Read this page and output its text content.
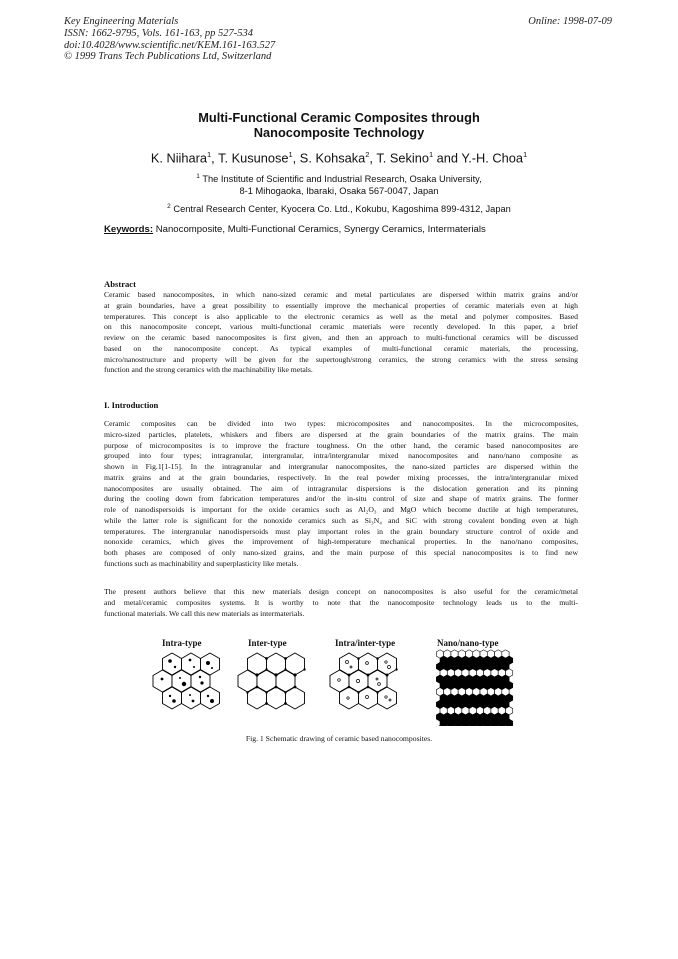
Key Engineering Materials
ISSN: 1662-9795, Vols. 161-163, pp 527-534
doi:10.4028/www.scientific.net/KEM.161-163.527
© 1999 Trans Tech Publications Ltd, Switzerland
Online: 1998-07-09
Multi-Functional Ceramic Composites through
Nanocomposite Technology
K. Niihara$^1$, T. Kusunose$^1$, S. Kohsaka$^2$, T. Sekino$^1$ and Y.-H. Choa$^1$
$^1$ The Institute of Scientific and Industrial Research, Osaka University,
8-1 Mihogaoka, Ibaraki, Osaka 567-0047, Japan
$^2$ Central Research Center, Kyocera Co. Ltd., Kokubu, Kagoshima 899-4312, Japan
Keywords: Nanocomposite, Multi-Functional Ceramics, Synergy Ceramics, Intermaterials
Abstract
Ceramic based nanocomposites, in which nano-sized ceramic and metal particulates are dispersed within matrix grains and/or
at grain boundaries, have a great possibility to essentially improve the mechanical properties of ceramic materials even at high
temperatures. This concept is also applicable to the electronic ceramics as well as the metal and polymer composites. Based
on this nanocomposite concept, various multi-functional ceramic materials were recently developed. In this paper, a brief
review on the ceramic based nanocomposites is first given, and then an approach to multi-functional ceramics will be discussed
based on the nanocomposite concept. As typical examples of multi-functional ceramic materials, the processing,
micro/nanostructure and property will be given for the supertough/strong ceramics, the strong ceramics with the stress sensing
function and the strong ceramics with the machinability like metals.
I. Introduction
Ceramic composites can be divided into two types: microcomposites and nanocomposites. In the microcomposites,
micro-sized particles, platelets, whiskers and fibers are dispersed at the grain boundaries of the matrix grains. The main
purpose of microcomposites is to improve the fracture toughness. On the other hand, the ceramic based nanocomposites are
grouped into four types; intragranular, intergranular, intra/intergranular mixed nanocomposites and nano/nano composite as
shown in Fig.1[1-15]. In the intragranular and intergranular nanocomposites, the nano-sized particles are dispersed within the
matrix grains and at the grain boundaries, respectively. In the real powder mixing processes, the intra/intergranular mixed
nanocomposites are usually obtained. The aim of intragranular dispersions is the dislocation generation and its pinning
during the cooling down from fabrication temperatures and/or the in-situ control of size and shape of matrix grains. The former
role of nanodispersoids is important for the oxide ceramics such as Al₂O₃ and MgO which become ductile at high temperatures,
while the latter role is significant for the nonoxide ceramics such as Si₃N₄ and SiC with strong covalent bonding even at high
temperatures. The intergranular nanodispersoids must play important roles in the grain boundary structure control of oxide and
nonoxide ceramics, which gives the improvement of high-temperature mechanical properties. In the nano/nano composites,
both phases are composed of only nano-sized grains, and the main purpose of this special nanocomposites is to find new
functions such as machinability and superplasticity like metals.
The present authors believe that this new materials design concept on nanocomposites is also useful for the ceramic/metal
and metal/ceramic composites systems. It is worthy to note that the nanocomposite technology leads us to the multi-
functional materials. We call this new materials as intermaterials.
Intra-type	Inter-type	Intra/inter-type	Nano/nano-type
Fig. 1 Schematic drawing of ceramic based nanocomposites.
